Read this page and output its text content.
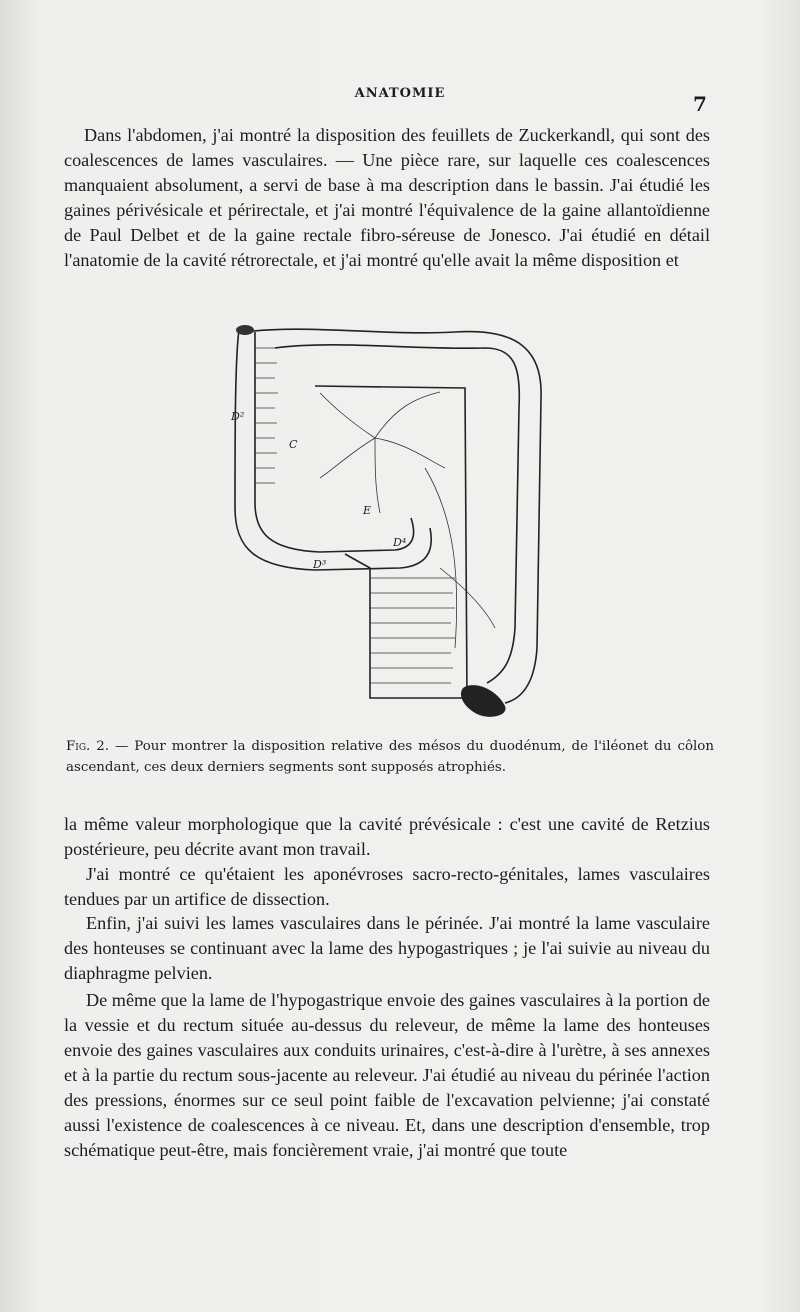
ANATOMIE	7

Dans l'abdomen, j'ai montré la disposition des feuillets de Zuckerkandl, qui sont des coalescences de lames vasculaires. — Une pièce rare, sur laquelle ces coalescences manquaient absolument, a servi de base à ma description dans le bassin. J'ai étudié les gaines périvésicale et périrectale, et j'ai montré l'équivalence de la gaine allantoïdienne de Paul Delbet et de la gaine rectale fibro-séreuse de Jonesco. J'ai étudié en détail l'anatomie de la cavité rétrorectale, et j'ai montré qu'elle avait la même disposition et

D²
C
E
D⁴
D³
Fig. 2. — Pour montrer la disposition relative des mésos du duodénum, de l'iléonet du côlon ascendant, ces deux derniers segments sont supposés atrophiés.

la même valeur morphologique que la cavité prévésicale : c'est une cavité de Retzius postérieure, peu décrite avant mon travail.

J'ai montré ce qu'étaient les aponévroses sacro-recto-génitales, lames vasculaires tendues par un artifice de dissection.

Enfin, j'ai suivi les lames vasculaires dans le périnée. J'ai montré la lame vasculaire des honteuses se continuant avec la lame des hypogastriques ; je l'ai suivie au niveau du diaphragme pelvien.

De même que la lame de l'hypogastrique envoie des gaines vasculaires à la portion de la vessie et du rectum située au-dessus du releveur, de même la lame des honteuses envoie des gaines vasculaires aux conduits urinaires, c'est-à-dire à l'urètre, à ses annexes et à la partie du rectum sous-jacente au releveur. J'ai étudié au niveau du périnée l'action des pressions, énormes sur ce seul point faible de l'excavation pelvienne; j'ai constaté aussi l'existence de coalescences à ce niveau. Et, dans une description d'ensemble, trop schématique peut-être, mais foncièrement vraie, j'ai montré que toute
